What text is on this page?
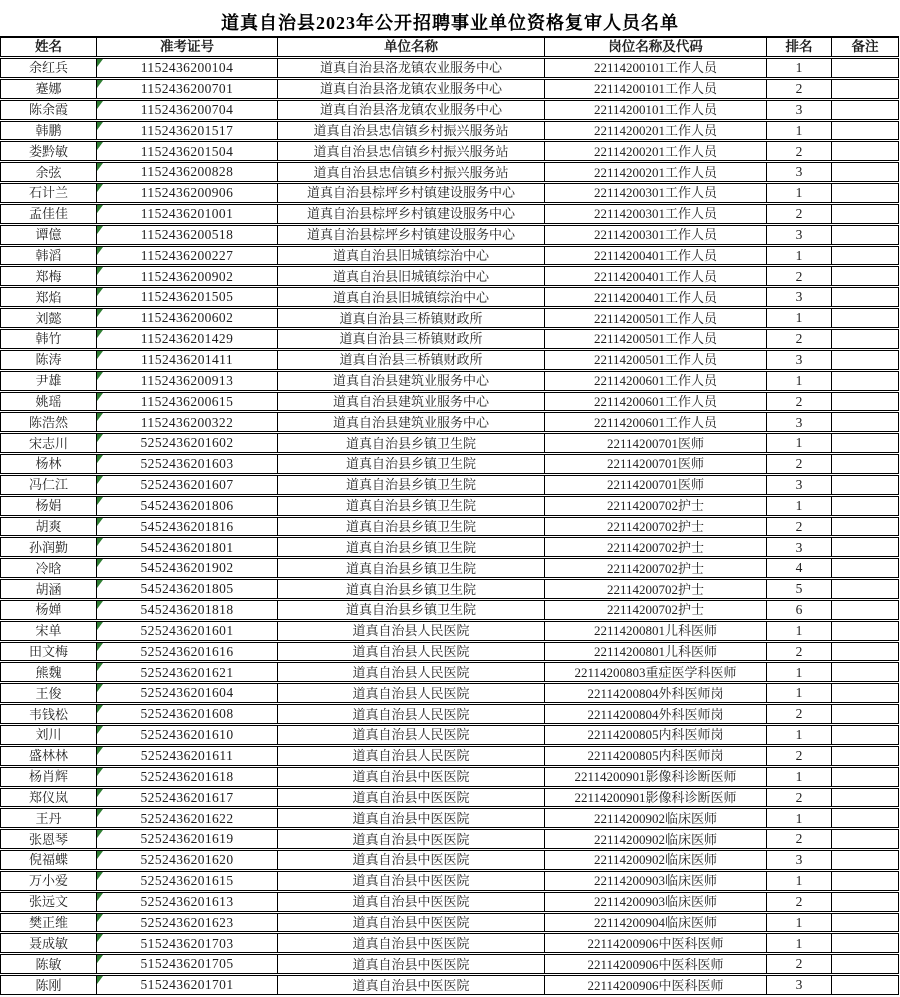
道真自治县2023年公开招聘事业单位资格复审人员名单
姓名	准考证号	单位名称	岗位名称及代码	排名	备注
余红兵	1152436200104	道真自治县洛龙镇农业服务中心	22114200101工作人员	1
蹇娜	1152436200701	道真自治县洛龙镇农业服务中心	22114200101工作人员	2
陈余霞	1152436200704	道真自治县洛龙镇农业服务中心	22114200101工作人员	3
韩鹏	1152436201517	道真自治县忠信镇乡村振兴服务站	22114200201工作人员	1
娄黔敏	1152436201504	道真自治县忠信镇乡村振兴服务站	22114200201工作人员	2
余弦	1152436200828	道真自治县忠信镇乡村振兴服务站	22114200201工作人员	3
石计兰	1152436200906	道真自治县棕坪乡村镇建设服务中心	22114200301工作人员	1
孟佳佳	1152436201001	道真自治县棕坪乡村镇建设服务中心	22114200301工作人员	2
谭億	1152436200518	道真自治县棕坪乡村镇建设服务中心	22114200301工作人员	3
韩滔	1152436200227	道真自治县旧城镇综治中心	22114200401工作人员	1
郑梅	1152436200902	道真自治县旧城镇综治中心	22114200401工作人员	2
郑焰	1152436201505	道真自治县旧城镇综治中心	22114200401工作人员	3
刘懿	1152436200602	道真自治县三桥镇财政所	22114200501工作人员	1
韩竹	1152436201429	道真自治县三桥镇财政所	22114200501工作人员	2
陈涛	1152436201411	道真自治县三桥镇财政所	22114200501工作人员	3
尹雄	1152436200913	道真自治县建筑业服务中心	22114200601工作人员	1
姚瑶	1152436200615	道真自治县建筑业服务中心	22114200601工作人员	2
陈浩然	1152436200322	道真自治县建筑业服务中心	22114200601工作人员	3
宋志川	5252436201602	道真自治县乡镇卫生院	22114200701医师	1
杨林	5252436201603	道真自治县乡镇卫生院	22114200701医师	2
冯仁江	5252436201607	道真自治县乡镇卫生院	22114200701医师	3
杨娟	5452436201806	道真自治县乡镇卫生院	22114200702护士	1
胡爽	5452436201816	道真自治县乡镇卫生院	22114200702护士	2
孙润勤	5452436201801	道真自治县乡镇卫生院	22114200702护士	3
冷晗	5452436201902	道真自治县乡镇卫生院	22114200702护士	4
胡涵	5452436201805	道真自治县乡镇卫生院	22114200702护士	5
杨婵	5452436201818	道真自治县乡镇卫生院	22114200702护士	6
宋单	5252436201601	道真自治县人民医院	22114200801儿科医师	1
田文梅	5252436201616	道真自治县人民医院	22114200801儿科医师	2
熊魏	5252436201621	道真自治县人民医院	22114200803重症医学科医师	1
王俊	5252436201604	道真自治县人民医院	22114200804外科医师岗	1
韦钱松	5252436201608	道真自治县人民医院	22114200804外科医师岗	2
刘川	5252436201610	道真自治县人民医院	22114200805内科医师岗	1
盛林林	5252436201611	道真自治县人民医院	22114200805内科医师岗	2
杨肖辉	5252436201618	道真自治县中医医院	22114200901影像科诊断医师	1
郑仪岚	5252436201617	道真自治县中医医院	22114200901影像科诊断医师	2
王丹	5252436201622	道真自治县中医医院	22114200902临床医师	1
张恩琴	5252436201619	道真自治县中医医院	22114200902临床医师	2
倪福蝶	5252436201620	道真自治县中医医院	22114200902临床医师	3
万小爱	5252436201615	道真自治县中医医院	22114200903临床医师	1
张远文	5252436201613	道真自治县中医医院	22114200903临床医师	2
樊正维	5252436201623	道真自治县中医医院	22114200904临床医师	1
聂成敏	5152436201703	道真自治县中医医院	22114200906中医科医师	1
陈敏	5152436201705	道真自治县中医医院	22114200906中医科医师	2
陈刚	5152436201701	道真自治县中医医院	22114200906中医科医师	3
